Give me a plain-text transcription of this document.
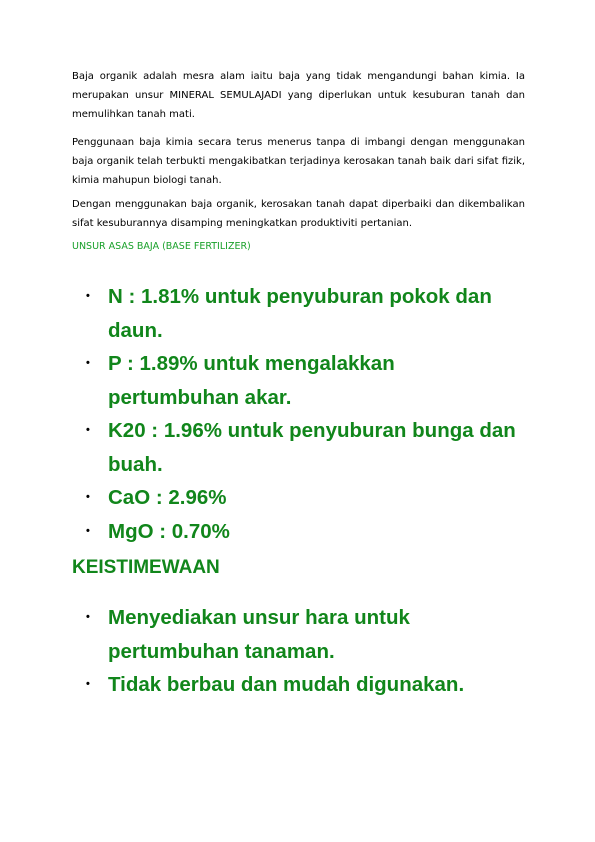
Baja organik adalah mesra alam iaitu baja yang tidak mengandungi bahan kimia. Ia merupakan unsur MINERAL SEMULAJADI yang diperlukan untuk kesuburan tanah dan memulihkan tanah mati.

Penggunaan baja kimia secara terus menerus tanpa di imbangi dengan menggunakan baja organik telah terbukti mengakibatkan terjadinya kerosakan tanah baik dari sifat fizik, kimia mahupun biologi tanah.

Dengan menggunakan baja organik, kerosakan tanah dapat diperbaiki dan dikembalikan sifat kesuburannya disamping meningkatkan produktiviti pertanian.

UNSUR ASAS BAJA (BASE FERTILIZER)

• N : 1.81% untuk penyuburan pokok dan daun.
• P : 1.89% untuk mengalakkan pertumbuhan akar.
• K20 : 1.96% untuk penyuburan bunga dan buah.
• CaO : 2.96%
• MgO : 0.70%

KEISTIMEWAAN

• Menyediakan unsur hara untuk pertumbuhan tanaman.
• Tidak berbau dan mudah digunakan.
